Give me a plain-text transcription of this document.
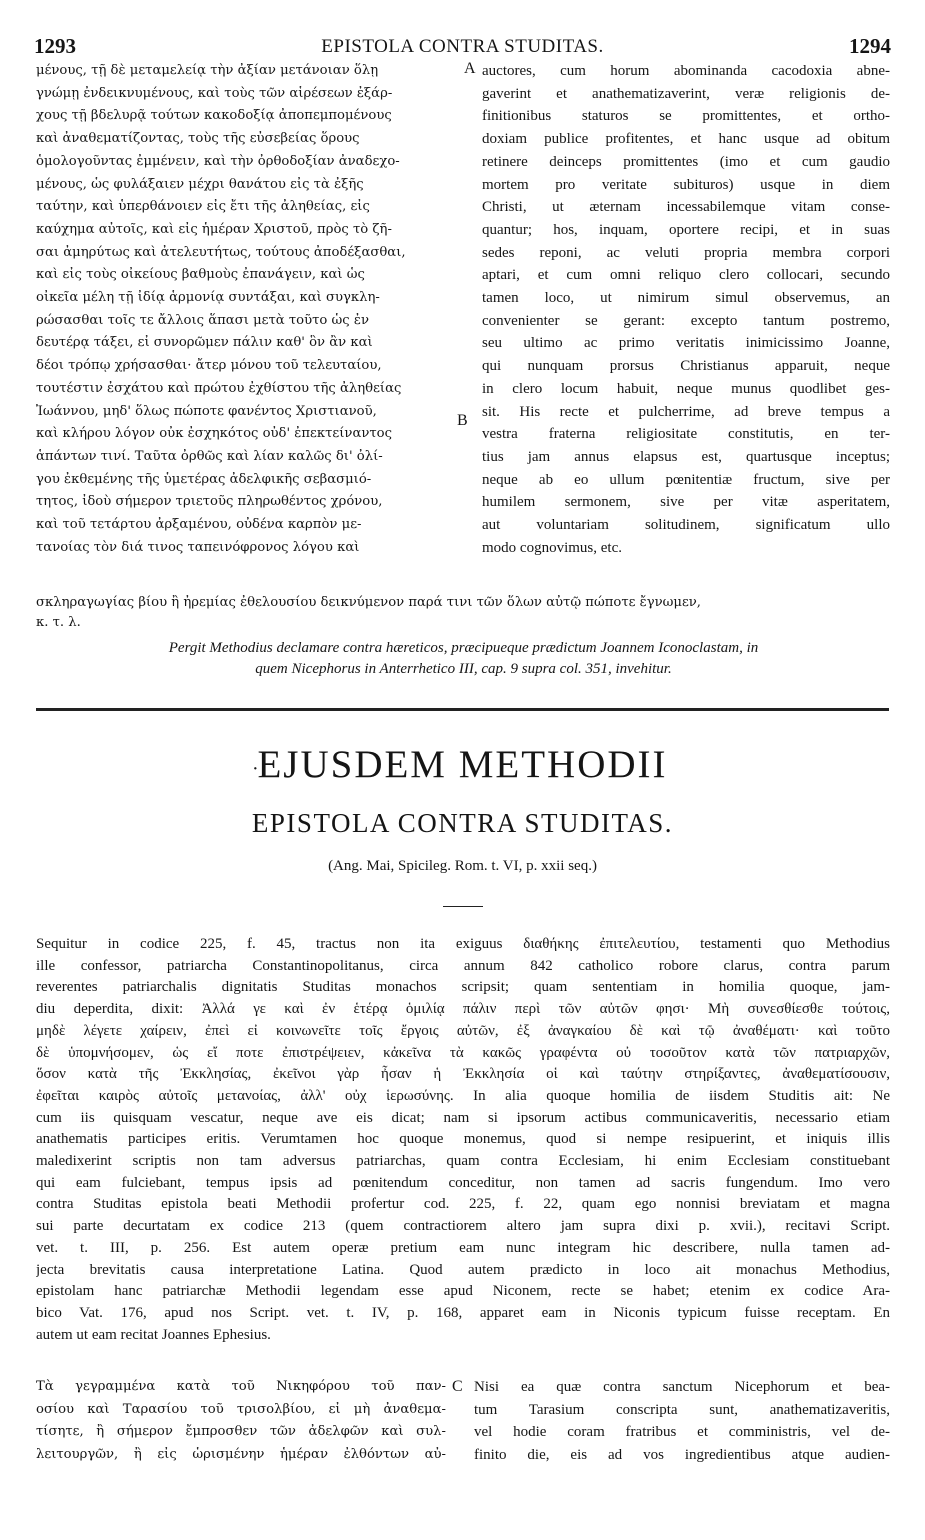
1293	EPISTOLA CONTRA STUDITAS.	1294
μένους, τῇ δὲ μεταμελείᾳ τὴν ἀξίαν μετάνοιαν ὅλῃ
γνώμῃ ἐνδεικνυμένους, καὶ τοὺς τῶν αἱρέσεων ἐξάρ-
χους τῇ βδελυρᾷ τούτων κακοδοξίᾳ ἀποπεμπομένους
καὶ ἀναθεματίζοντας, τοὺς τῆς εὐσεβείας ὅρους
ὁμολογοῦντας ἐμμένειν, καὶ τὴν ὀρθοδοξίαν ἀναδεχο-
μένους, ὡς φυλάξαιεν μέχρι θανάτου εἰς τὰ ἐξῆς
ταύτην, καὶ ὑπερθάνοιεν εἰς ἔτι τῆς ἀληθείας, εἰς
καύχημα αὐτοῖς, καὶ εἰς ἡμέραν Χριστοῦ, πρὸς τὸ ζῆ-
σαι ἀμηρύτως καὶ ἀτελευτήτως, τούτους ἀποδέξασθαι,
καὶ εἰς τοὺς οἰκείους βαθμοὺς ἐπανάγειν, καὶ ὡς
οἰκεῖα μέλη τῇ ἰδίᾳ ἁρμονίᾳ συντάξαι, καὶ συγκλη-
ρώσασθαι τοῖς τε ἄλλοις ἅπασι μετὰ τοῦτο ὡς ἐν
δευτέρᾳ τάξει, εἰ συνορῶμεν πάλιν καθ' ὃν ἂν καὶ
δέοι τρόπῳ χρήσασθαι· ἄτερ μόνου τοῦ τελευταίου,
τουτέστιν ἐσχάτου καὶ πρώτου ἐχθίστου τῆς ἀληθείας
Ἰωάννου, μηδ' ὅλως πώποτε φανέντος Χριστιανοῦ,
καὶ κλήρου λόγον οὐκ ἐσχηκότος οὐδ' ἐπεκτείναντος
ἁπάντων τινί. Ταῦτα ὀρθῶς καὶ λίαν καλῶς δι' ὀλί-
γου ἐκθεμένης τῆς ὑμετέρας ἀδελφικῆς σεβασμιό-
τητος, ἰδοὺ σήμερον τριετοῦς πληρωθέντος χρόνου,
καὶ τοῦ τετάρτου ἀρξαμένου, οὐδένα καρπὸν με-
τανοίας τὸν διά τινος ταπεινόφρονος λόγου καὶ
auctores, cum horum abominanda cacodoxia abne-
gaverint et anathematizaverint, veræ religionis de-
finitionibus staturos se promittentes, et ortho-
doxiam publice profitentes, et hanc usque ad obitum
retinere deinceps promittentes (imo et cum gaudio
mortem pro veritate subituros) usque in diem
Christi, ut æternam incessabilemque vitam conse-
quantur; hos, inquam, oportere recipi, et in suas
sedes reponi, ac veluti propria membra corpori
aptari, et cum omni reliquo clero collocari, secundo
tamen loco, ut nimirum simul observemus, an
convenienter se gerant: excepto tantum postremo,
seu ultimo ac primo veritatis inimicissimo Joanne,
qui nunquam prorsus Christianus apparuit, neque
in clero locum habuit, neque munus quodlibet ges-
sit. His recte et pulcherrime, ad breve tempus a
vestra fraterna religiositate constitutis, en ter-
tius jam annus elapsus est, quartusque inceptus;
neque ab eo ullum pœnitentiæ fructum, sive per
humilem sermonem, sive per vitæ asperitatem,
aut voluntariam solitudinem, significatum ullo
modo cognovimus, etc.
A
B
σκληραγωγίας βίου ἢ ἠρεμίας ἐθελουσίου δεικνύμενον παρά τινι τῶν ὅλων αὐτῷ πώποτε ἔγνωμεν,
κ. τ. λ.
Pergit Methodius declamare contra hæreticos, præcipueque prædictum Joannem Iconoclastam, in
quem Nicephorus in Anterrhetico III, cap. 9 supra col. 351, invehitur.
·
EJUSDEM METHODII
EPISTOLA CONTRA STUDITAS.
(Ang. Mai, Spicileg. Rom. t. VI, p. xxii seq.)
Sequitur in codice 225, f. 45, tractus non ita exiguus διαθήκης ἐπιτελευτίου, testamenti quo Methodius
ille confessor, patriarcha Constantinopolitanus, circa annum 842 catholico robore clarus, contra parum
reverentes patriarchalis dignitatis Studitas monachos scripsit; quam sententiam in homilia quoque, jam-
diu deperdita, dixit: Ἀλλά γε καὶ ἐν ἑτέρᾳ ὁμιλίᾳ πάλιν περὶ τῶν αὐτῶν φησι· Μὴ συνεσθίεσθε τούτοις,
μηδὲ λέγετε χαίρειν, ἐπεὶ εἰ κοινωνεῖτε τοῖς ἔργοις αὐτῶν, ἐξ ἀναγκαίου δὲ καὶ τῷ ἀναθέματι· καὶ τοῦτο
δὲ ὑπομνήσομεν, ὡς εἴ ποτε ἐπιστρέψειεν, κἀκεῖνα τὰ κακῶς γραφέντα οὐ τοσοῦτον κατὰ τῶν πατριαρχῶν,
ὅσον κατὰ τῆς Ἐκκλησίας, ἐκεῖνοι γὰρ ἦσαν ἡ Ἐκκλησία οἱ καὶ ταύτην στηρίξαντες, ἀναθεματίσουσιν,
ἐφεῖται καιρὸς αὐτοῖς μετανοίας, ἀλλ' οὐχ ἱερωσύνης. In alia quoque homilia de iisdem Studitis ait: Ne
cum iis quisquam vescatur, neque ave eis dicat; nam si ipsorum actibus communicaveritis, necessario etiam
anathematis participes eritis. Verumtamen hoc quoque monemus, quod si nempe resipuerint, et iniquis illis
maledixerint scriptis non tam adversus patriarchas, quam contra Ecclesiam, hi enim Ecclesiam constituebant
qui eam fulciebant, tempus ipsis ad pœnitendum conceditur, non tamen ad sacris fungendum. Imo vero
contra Studitas epistola beati Methodii profertur cod. 225, f. 22, quam ego nonnisi breviatam et magna
sui parte decurtatam ex codice 213 (quem contractiorem altero jam supra dixi p. xvii.), recitavi Script.
vet. t. III, p. 256. Est autem operæ pretium eam nunc integram hic describere, nulla tamen ad-
jecta brevitatis causa interpretatione Latina. Quod autem prædicto in loco ait monachus Methodius,
epistolam hanc patriarchæ Methodii legendam esse apud Niconem, recte se habet; etenim ex codice Ara-
bico Vat. 176, apud nos Script. vet. t. IV, p. 168, apparet eam in Niconis typicum fuisse receptam. En
autem ut eam recitat Joannes Ephesius.
C
Τὰ γεγραμμένα κατὰ τοῦ Νικηφόρου τοῦ παν-
οσίου καὶ Ταρασίου τοῦ τρισολβίου, εἰ μὴ ἀναθεμα-
τίσητε, ἢ σήμερον ἔμπροσθεν τῶν ἀδελφῶν καὶ συλ-
λειτουργῶν, ἢ εἰς ὡρισμένην ἡμέραν ἐλθόντων αὐ-
Nisi ea quæ contra sanctum Nicephorum et bea-
tum Tarasium conscripta sunt, anathematizaveritis,
vel hodie coram fratribus et comministris, vel de-
finito die, eis ad vos ingredientibus atque audien-
